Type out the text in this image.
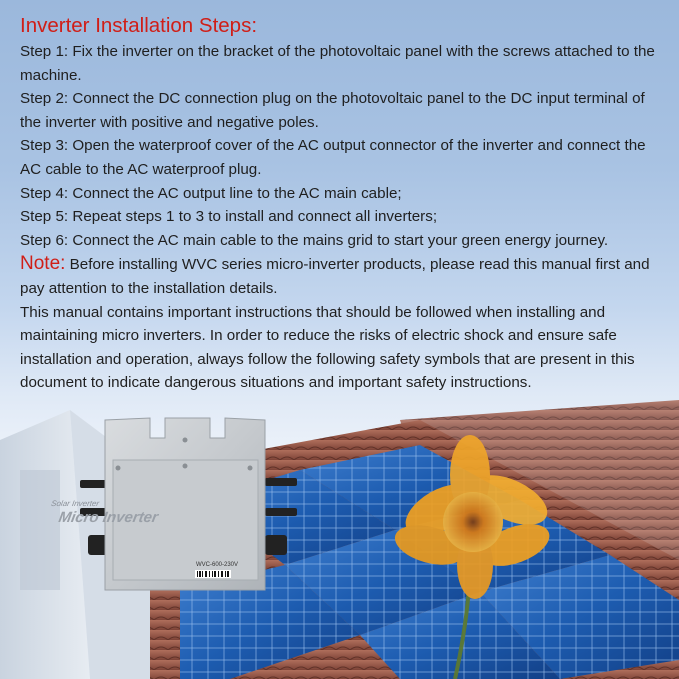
Solar Inverter
Micro Inverter
WVC-600-230V
Inverter Installation Steps:

Step 1: Fix the inverter on the bracket of the photovoltaic panel with the screws attached to the machine.

Step 2: Connect the DC connection plug on the photovoltaic panel to the DC input terminal of the inverter with positive and negative poles.

Step 3: Open the waterproof cover of the AC output connector of the inverter and connect the AC cable to the AC waterproof plug.

Step 4: Connect the AC output line to the AC main cable;

Step 5: Repeat steps 1 to 3 to install and connect all inverters;

Step 6: Connect the AC main cable to the mains grid to start your green energy journey.

Note: Before installing WVC series micro-inverter products, please read this manual first and pay attention to the installation details.

This manual contains important instructions that should be followed when installing and maintaining micro inverters. In order to reduce the risks of electric shock and ensure safe installation and operation, always follow the following safety symbols that are present in this document to indicate dangerous situations and important safety instructions.
